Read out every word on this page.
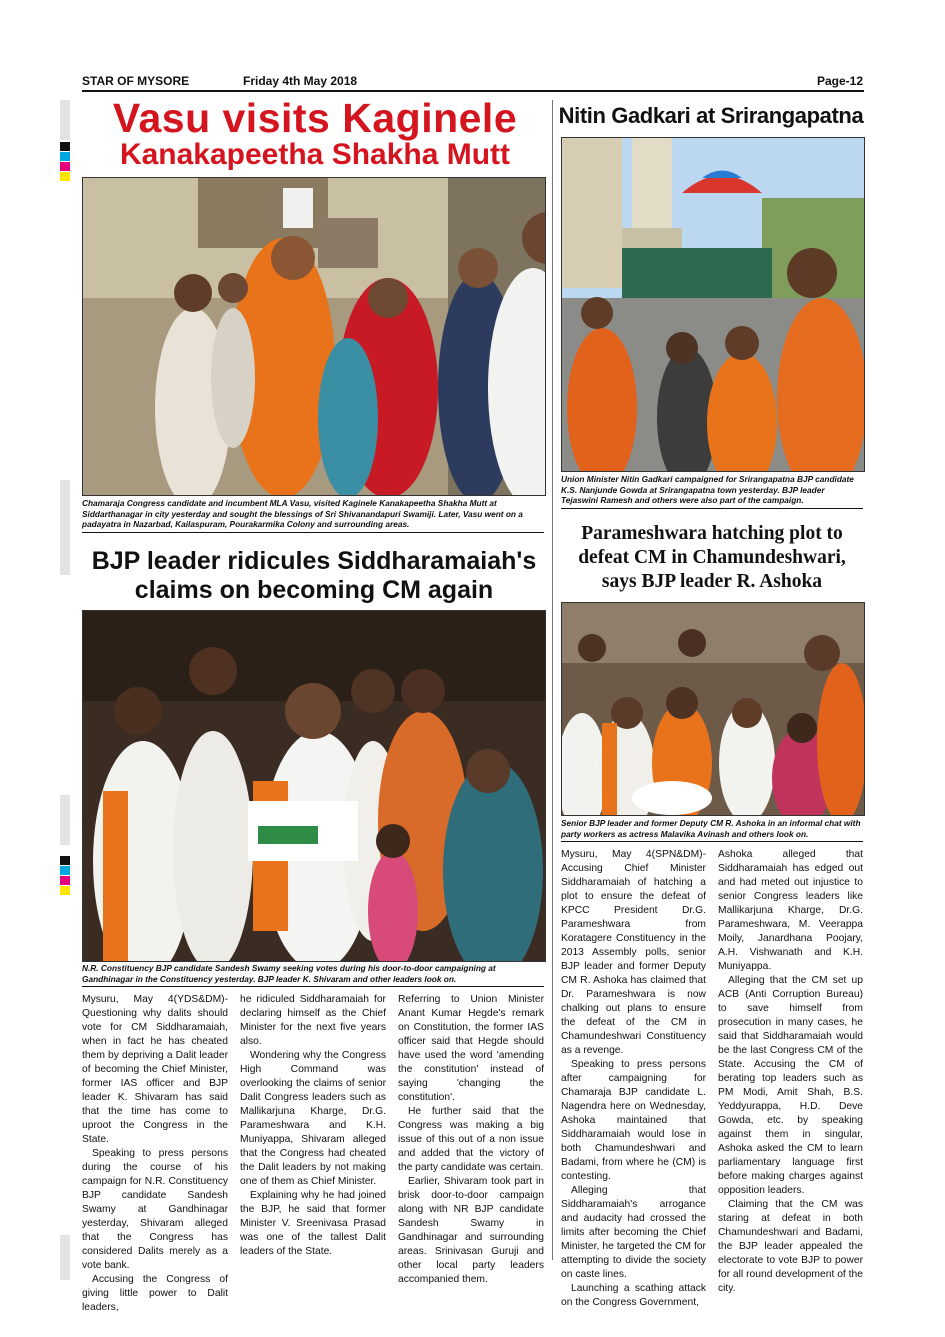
STAR OF MYSORE	Friday 4th May 2018	Page-12
Vasu visits Kaginele
Kanakapeetha Shakha Mutt
Chamaraja Congress candidate and incumbent MLA Vasu, visited Kaginele Kanakapeetha Shakha Mutt at Siddarthanagar in city yesterday and sought the blessings of Sri Shivanandapuri Swamiji. Later, Vasu went on a padayatra in Nazarbad, Kailaspuram, Pourakarmika Colony and surrounding areas.
Nitin Gadkari at Srirangapatna
Union Minister Nitin Gadkari campaigned for Srirangapatna BJP candidate K.S. Nanjunde Gowda at Srirangapatna town yesterday. BJP leader Tejaswini Ramesh and others were also part of the campaign.
BJP leader ridicules Siddharamaiah's
claims on becoming CM again
N.R. Constituency BJP candidate Sandesh Swamy seeking votes during his door-to-door campaigning at Gandhinagar in the Constituency yesterday. BJP leader K. Shivaram and other leaders look on.

Mysuru, May 4(YDS&DM)- Questioning why dalits should vote for CM Siddharamaiah, when in fact he has cheated them by depriving a Dalit leader of becoming the Chief Minister, former IAS officer and BJP leader K. Shivaram has said that the time has come to uproot the Congress in the State.

Speaking to press persons during the course of his campaign for N.R. Constituency BJP candidate Sandesh Swamy at Gandhinagar yesterday, Shivaram alleged that the Congress has considered Dalits merely as a vote bank.

Accusing the Congress of giving little power to Dalit leaders,

he ridiculed Siddharamaiah for declaring himself as the Chief Minister for the next five years also.

Wondering why the Congress High Command was overlooking the claims of senior Dalit Congress leaders such as Mallikarjuna Kharge, Dr.G. Parameshwara and K.H. Muniyappa, Shivaram alleged that the Congress had cheated the Dalit leaders by not making one of them as Chief Minister.

Explaining why he had joined the BJP, he said that former Minister V. Sreenivasa Prasad was one of the tallest Dalit leaders of the State.

Referring to Union Minister Anant Kumar Hegde's remark on Constitution, the former IAS officer said that Hegde should have used the word 'amending the constitution' instead of saying 'changing the constitution'.

He further said that the Congress was making a big issue of this out of a non issue and added that the victory of the party candidate was certain.

Earlier, Shivaram took part in brisk door-to-door campaign along with NR BJP candidate Sandesh Swamy in Gandhinagar and surrounding areas. Srinivasan Guruji and other local party leaders accompanied them.

Parameshwara hatching plot to
defeat CM in Chamundeshwari,
says BJP leader R. Ashoka
Senior BJP leader and former Deputy CM R. Ashoka in an informal chat with party workers as actress Malavika Avinash and others look on.

Mysuru, May 4(SPN&DM)- Accusing Chief Minister Siddharamaiah of hatching a plot to ensure the defeat of KPCC President Dr.G. Parameshwara from Koratagere Constituency in the 2013 Assembly polls, senior BJP leader and former Deputy CM R. Ashoka has claimed that Dr. Parameshwara is now chalking out plans to ensure the defeat of the CM in Chamundeshwari Constituency as a revenge.

Speaking to press persons after campaigning for Chamaraja BJP candidate L. Nagendra here on Wednesday, Ashoka maintained that Siddharamaiah would lose in both Chamundeshwari and Badami, from where he (CM) is contesting.

Alleging that Siddharamaiah's arrogance and audacity had crossed the limits after becoming the Chief Minister, he targeted the CM for attempting to divide the society on caste lines.

Launching a scathing attack on the Congress Government,

Ashoka alleged that Siddharamaiah has edged out and had meted out injustice to senior Congress leaders like Mallikarjuna Kharge, Dr.G. Parameshwara, M. Veerappa Moily, Janardhana Poojary, A.H. Vishwanath and K.H. Muniyappa.

Alleging that the CM set up ACB (Anti Corruption Bureau) to save himself from prosecution in many cases, he said that Siddharamaiah would be the last Congress CM of the State. Accusing the CM of berating top leaders such as PM Modi, Amit Shah, B.S. Yeddyurappa, H.D. Deve Gowda, etc. by speaking against them in singular, Ashoka asked the CM to learn parliamentary language first before making charges against opposition leaders.

Claiming that the CM was staring at defeat in both Chamundeshwari and Badami, the BJP leader appealed the electorate to vote BJP to power for all round development of the city.
